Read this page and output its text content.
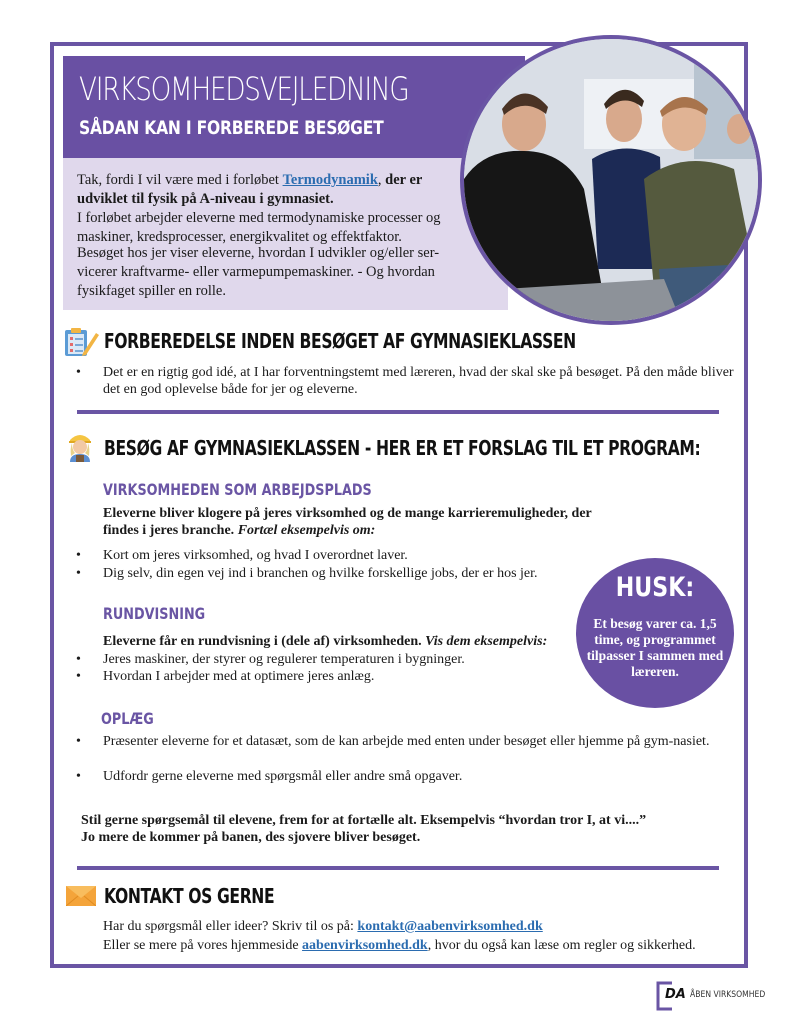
VIRKSOMHEDSVEJLEDNING
SÅDAN KAN I FORBEREDE BESØGET

Tak, fordi I vil være med i forløbet Termodynamik, der er udviklet til fysik på A-niveau i gymnasiet.
I forløbet arbejder eleverne med termodynamiske processer og maskiner, kredsprocesser, energikvalitet og effektfaktor.

Besøget hos jer viser eleverne, hvordan I udvikler og/eller ser-vicerer kraftvarme- eller varmepumpemaskiner. - Og hvordan fysikfaget spiller en rolle.

FORBEREDELSE INDEN BESØGET AF GYMNASIEKLASSEN
• Det er en rigtig god idé, at I har forventningstemt med læreren, hvad der skal ske på besøget. På den måde bliver det en god oplevelse både for jer og eleverne.
BESØG AF GYMNASIEKLASSEN - HER ER ET FORSLAG TIL ET PROGRAM:
VIRKSOMHEDEN SOM ARBEJDSPLADS
Eleverne bliver klogere på jeres virksomhed og de mange karrieremuligheder, der findes i jeres branche. Fortæl eksempelvis om:
• Kort om jeres virksomhed, og hvad I overordnet laver.
• Dig selv, din egen vej ind i branchen og hvilke forskellige jobs, der er hos jer.
RUNDVISNING
Eleverne får en rundvisning i (dele af) virksomheden. Vis dem eksempelvis:
• Jeres maskiner, der styrer og regulerer temperaturen i bygninger.
• Hvordan I arbejder med at optimere jeres anlæg.
OPLÆG
• Præsenter eleverne for et datasæt, som de kan arbejde med enten under besøget eller hjemme på gym-nasiet.
• Udfordr gerne eleverne med spørgsmål eller andre små opgaver.
Stil gerne spørgsemål til elevene, frem for at fortælle alt. Eksempelvis “hvordan tror I, at vi....”
Jo mere de kommer på banen, des sjovere bliver besøget.
HUSK:
Et besøg varer ca. 1,5 time, og programmet tilpasser I sammen med læreren.
KONTAKT OS GERNE
Har du spørgsmål eller ideer? Skriv til os på: kontakt@aabenvirksomhed.dk
Eller se mere på vores hjemmeside aabenvirksomhed.dk, hvor du også kan læse om regler og sikkerhed.
DA ÅBEN VIRKSOMHED
